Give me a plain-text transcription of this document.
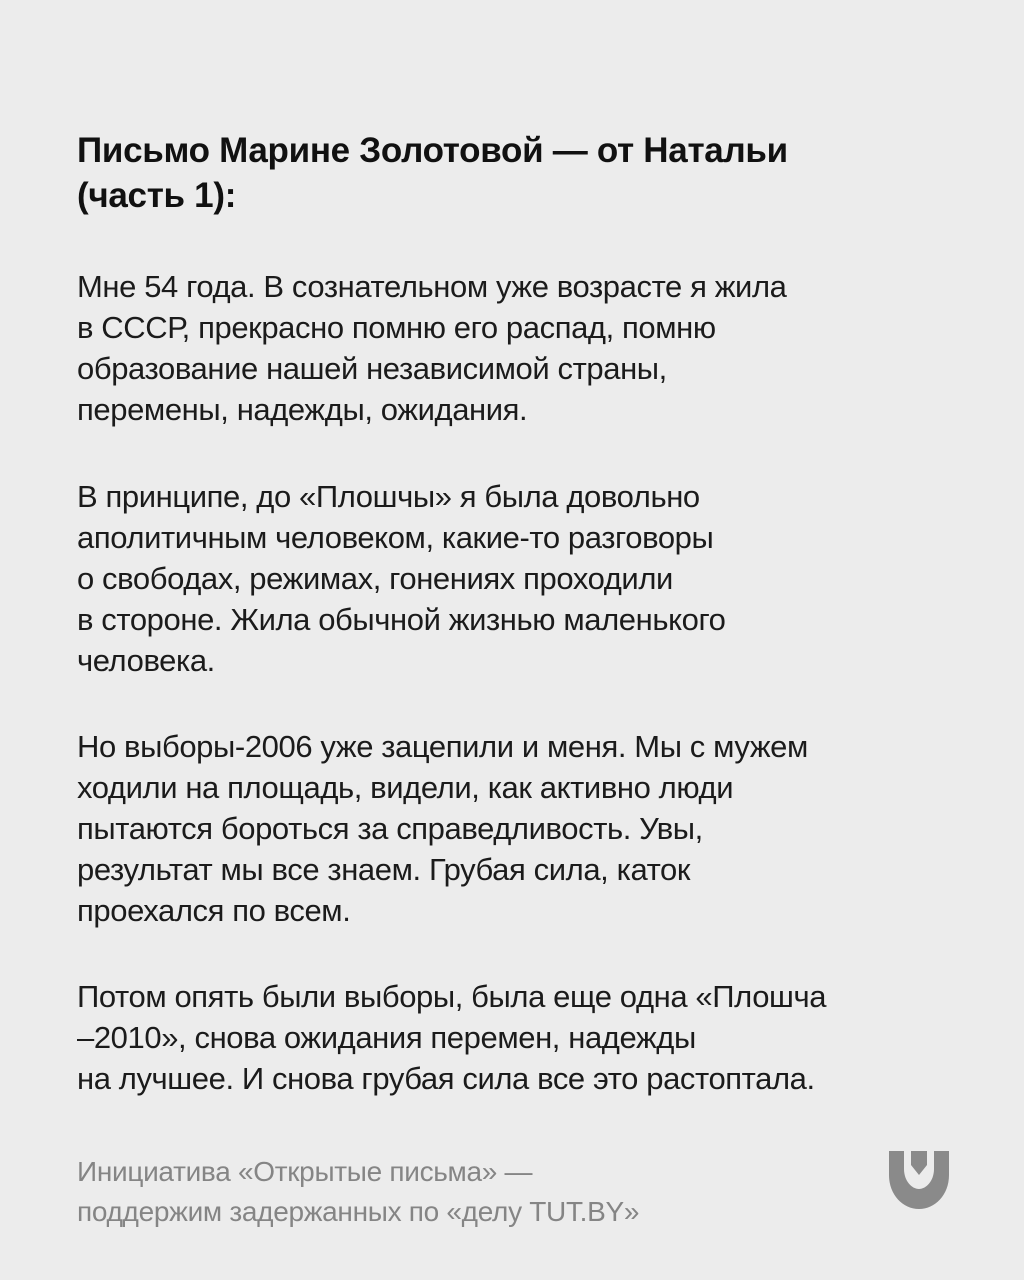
Письмо Марине Золотовой — от Натальи
(часть 1):

Мне 54 года. В сознательном уже возрасте я жила
в СССР, прекрасно помню его распад, помню
образование нашей независимой страны,
перемены, надежды, ожидания.

В принципе, до «Плошчы» я была довольно
аполитичным человеком, какие-то разговоры
о свободах, режимах, гонениях проходили
в стороне. Жила обычной жизнью маленького
человека.

Но выборы-2006 уже зацепили и меня. Мы с мужем
ходили на площадь, видели, как активно люди
пытаются бороться за справедливость. Увы,
результат мы все знаем. Грубая сила, каток
проехался по всем.

Потом опять были выборы, была еще одна «Плошча
–2010», снова ожидания перемен, надежды
на лучшее. И снова грубая сила все это растоптала.

Инициатива «Открытые письма» —
поддержим задержанных по «делу TUT.BY»
